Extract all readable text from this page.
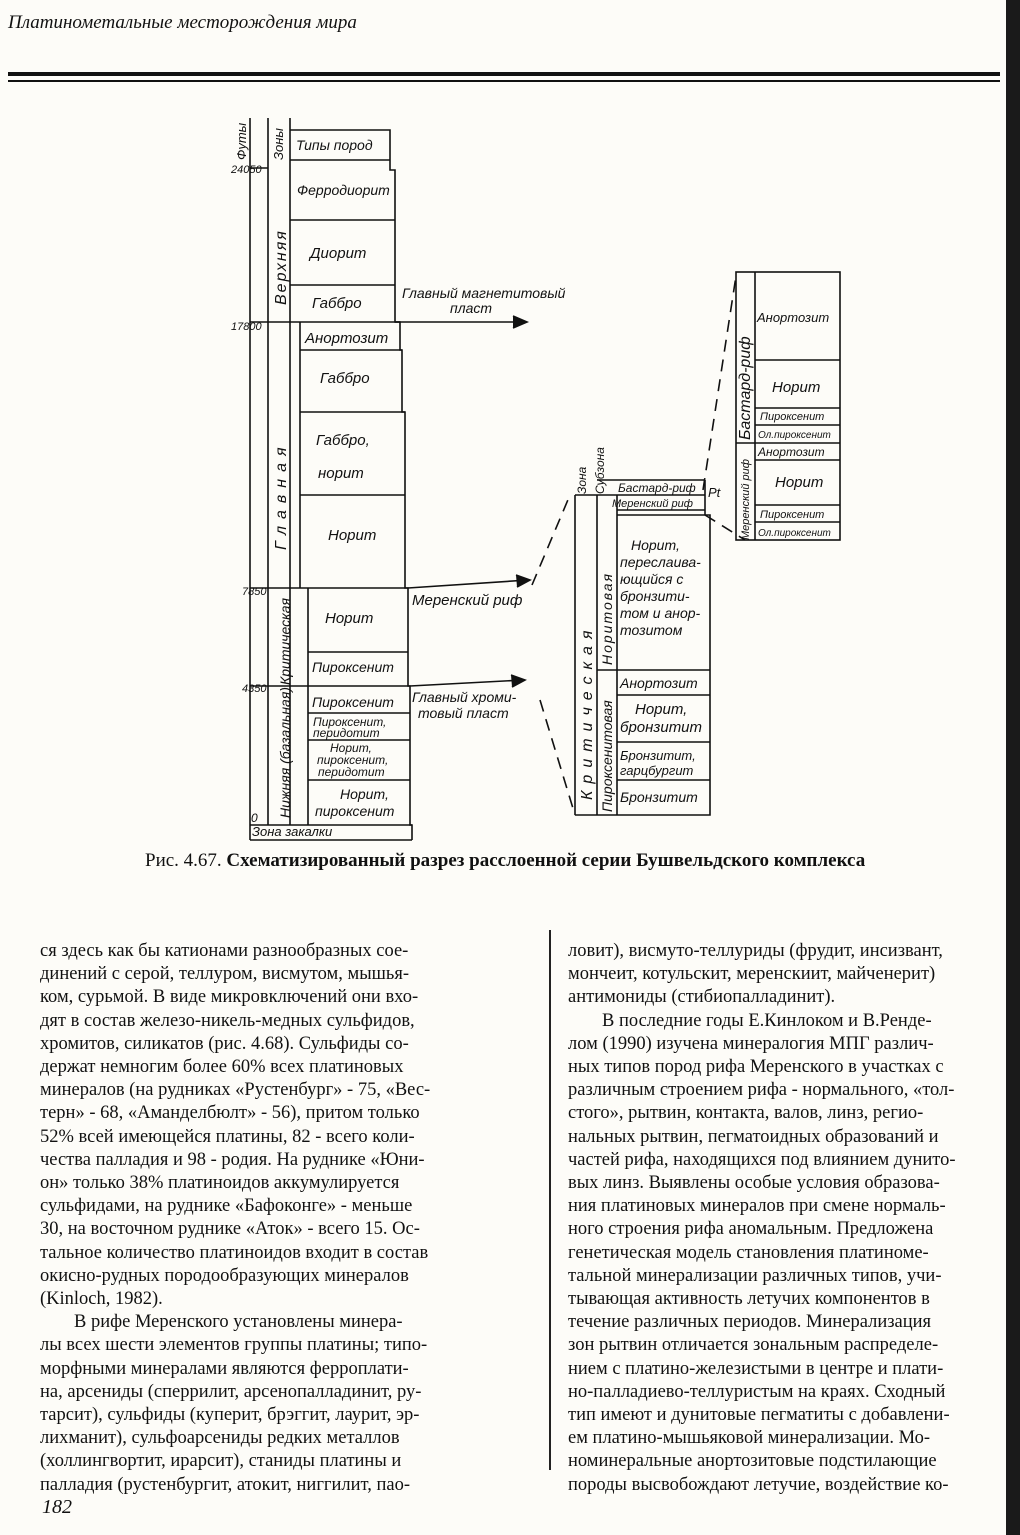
Платинометальные месторождения мира
Футы Зоны Типы пород
24050
17800
7850
4350
0
Верхняя
Главная
Критическая
Нижняя (базальная)
Ферродиорит
Диорит
Габбро
Анортозит
Габбро
Габбро,
норит
Норит
Норит
Пироксенит
Пироксенит
Пироксенит,
перидотит
Норит,
пироксенит,
перидотит
Норит,
пироксенит
Зона закалки
Главный магнетитовый
пласт
Меренский риф
Главный хроми-
товый пласт
Зона Субзона
Критическая
Норитовая
Пироксенитовая
Бастард-риф
Меренский риф
Pt
Норит,
переслаива-
ющийся с
бронзити-
том и анор-
тозитом
Анортозит
Норит,
бронзитит
Бронзитит,
гарцбургит
Бронзитит
Бастард-риф
Меренский риф
Анортозит
Норит
Пироксенит
Ол.пироксенит
Анортозит
Норит
Пироксенит
Ол.пироксенит
Рис. 4.67. Схематизированный разрез расслоенной серии Бушвельдского комплекса

ся здесь как бы катионами разнообразных сое-

динений с серой, теллуром, висмутом, мышья-

ком, сурьмой. В виде микровключений они вхо-

дят в состав железо-никель-медных сульфидов,

хромитов, силикатов (рис. 4.68). Сульфиды со-

держат немногим более 60% всех платиновых

минералов (на рудниках «Рустенбург» - 75, «Вес-

терн» - 68, «Аманделбюлт» - 56), притом только

52% всей имеющейся платины, 82 - всего коли-

чества палладия и 98 - родия. На руднике «Юни-

он» только 38% платиноидов аккумулируется

сульфидами, на руднике «Бафоконге» - меньше

30, на восточном руднике «Аток» - всего 15. Ос-

тальное количество платиноидов входит в состав

окисно-рудных породообразующих минералов

(Kinloch, 1982).

В рифе Меренского установлены минера-

лы всех шести элементов группы платины; типо-

морфными минералами являются ферроплати-

на, арсениды (сперрилит, арсенопалладинит, ру-

тарсит), сульфиды (куперит, брэггит, лаурит, эр-

лихманит), сульфоарсениды редких металлов

(холлингвортит, ирарсит), станиды платины и

палладия (рустенбургит, атокит, ниггилит, пао-

ловит), висмуто-теллуриды (фрудит, инсизвант,

мончеит, котульскит, меренскиит, майченерит)

антимониды (стибиопалладинит).

В последние годы Е.Кинлоком и В.Ренде-

лом (1990) изучена минералогия МПГ различ-

ных типов пород рифа Меренского в участках с

различным строением рифа - нормального, «тол-

стого», рытвин, контакта, валов, линз, регио-

нальных рытвин, пегматоидных образований и

частей рифа, находящихся под влиянием дунито-

вых линз. Выявлены особые условия образова-

ния платиновых минералов при смене нормаль-

ного строения рифа аномальным. Предложена

генетическая модель становления платиноме-

тальной минерализации различных типов, учи-

тывающая активность летучих компонентов в

течение различных периодов. Минерализация

зон рытвин отличается зональным распределе-

нием с платино-железистыми в центре и плати-

но-палладиево-теллуристым на краях. Сходный

тип имеют и дунитовые пегматиты с добавлени-

ем платино-мышьяковой минерализации. Мо-

номинеральные анортозитовые подстилающие

породы высвобождают летучие, воздействие ко-

182
